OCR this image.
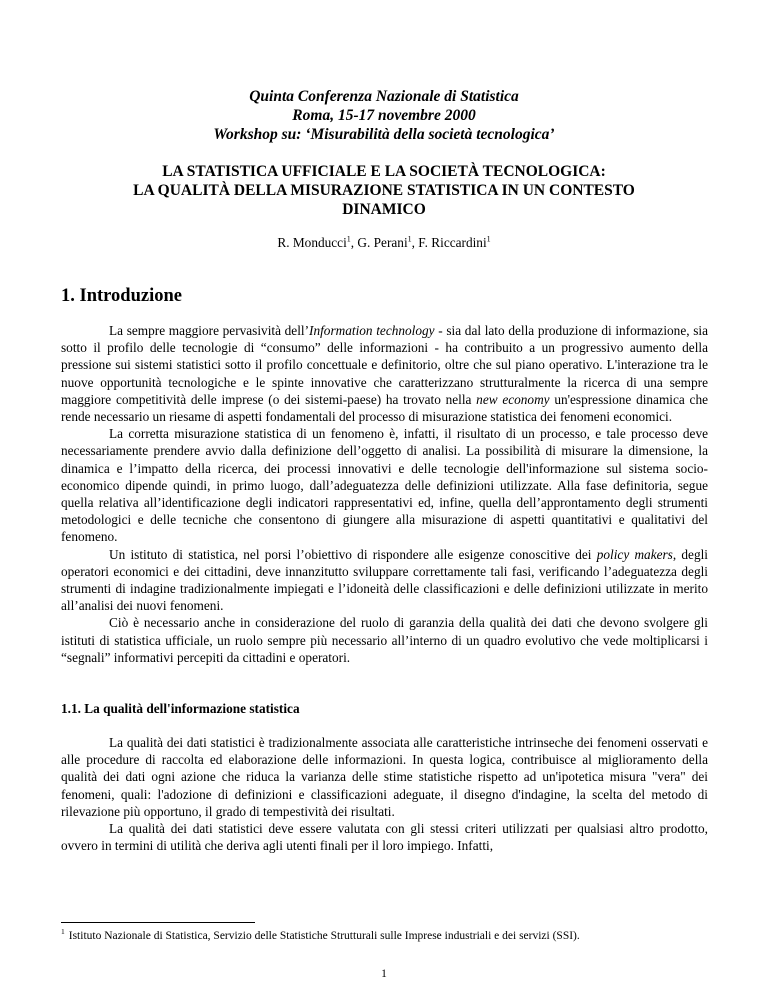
Quinta Conferenza Nazionale di Statistica
Roma, 15-17 novembre 2000
Workshop su: ‘Misurabilità della società tecnologica’
LA STATISTICA UFFICIALE E LA SOCIETÀ TECNOLOGICA:
LA QUALITÀ DELLA MISURAZIONE STATISTICA IN UN CONTESTO
DINAMICO
R. Monducci$^1$, G. Perani$^1$, F. Riccardini$^1$
1. Introduzione

La sempre maggiore pervasività dell’Information technology - sia dal lato della produzione di informazione, sia sotto il profilo delle tecnologie di “consumo” delle informazioni - ha contribuito a un progressivo aumento della pressione sui sistemi statistici sotto il profilo concettuale e definitorio, oltre che sul piano operativo. L'interazione tra le nuove opportunità tecnologiche e le spinte innovative che caratterizzano strutturalmente la ricerca di una sempre maggiore competitività delle imprese (o dei sistemi-paese) ha trovato nella new economy un'espressione dinamica che rende necessario un riesame di aspetti fondamentali del processo di misurazione statistica dei fenomeni economici.

La corretta misurazione statistica di un fenomeno è, infatti, il risultato di un processo, e tale processo deve necessariamente prendere avvio dalla definizione dell’oggetto di analisi. La possibilità di misurare la dimensione, la dinamica e l’impatto della ricerca, dei processi innovativi e delle tecnologie dell'informazione sul sistema socio-economico dipende quindi, in primo luogo, dall’adeguatezza delle definizioni utilizzate. Alla fase definitoria, segue quella relativa all’identificazione degli indicatori rappresentativi ed, infine, quella dell’approntamento degli strumenti metodologici e delle tecniche che consentono di giungere alla misurazione di aspetti quantitativi e qualitativi del fenomeno.

Un istituto di statistica, nel porsi l’obiettivo di rispondere alle esigenze conoscitive dei policy makers, degli operatori economici e dei cittadini, deve innanzitutto sviluppare correttamente tali fasi, verificando l’adeguatezza degli strumenti di indagine tradizionalmente impiegati e l’idoneità delle classificazioni e delle definizioni utilizzate in merito all’analisi dei nuovi fenomeni.

Ciò è necessario anche in considerazione del ruolo di garanzia della qualità dei dati che devono svolgere gli istituti di statistica ufficiale, un ruolo sempre più necessario all’interno di un quadro evolutivo che vede moltiplicarsi i “segnali” informativi percepiti da cittadini e operatori.

1.1. La qualità dell'informazione statistica

La qualità dei dati statistici è tradizionalmente associata alle caratteristiche intrinseche dei fenomeni osservati e alle procedure di raccolta ed elaborazione delle informazioni. In questa logica, contribuisce al miglioramento della qualità dei dati ogni azione che riduca la varianza delle stime statistiche rispetto ad un'ipotetica misura "vera" dei fenomeni, quali: l'adozione di definizioni e classificazioni adeguate, il disegno d'indagine, la scelta del metodo di rilevazione più opportuno, il grado di tempestività dei risultati.

La qualità dei dati statistici deve essere valutata con gli stessi criteri utilizzati per qualsiasi altro prodotto, ovvero in termini di utilità che deriva agli utenti finali per il loro impiego. Infatti,

$^1$ Istituto Nazionale di Statistica, Servizio delle Statistiche Strutturali sulle Imprese industriali e dei servizi (SSI).
1
